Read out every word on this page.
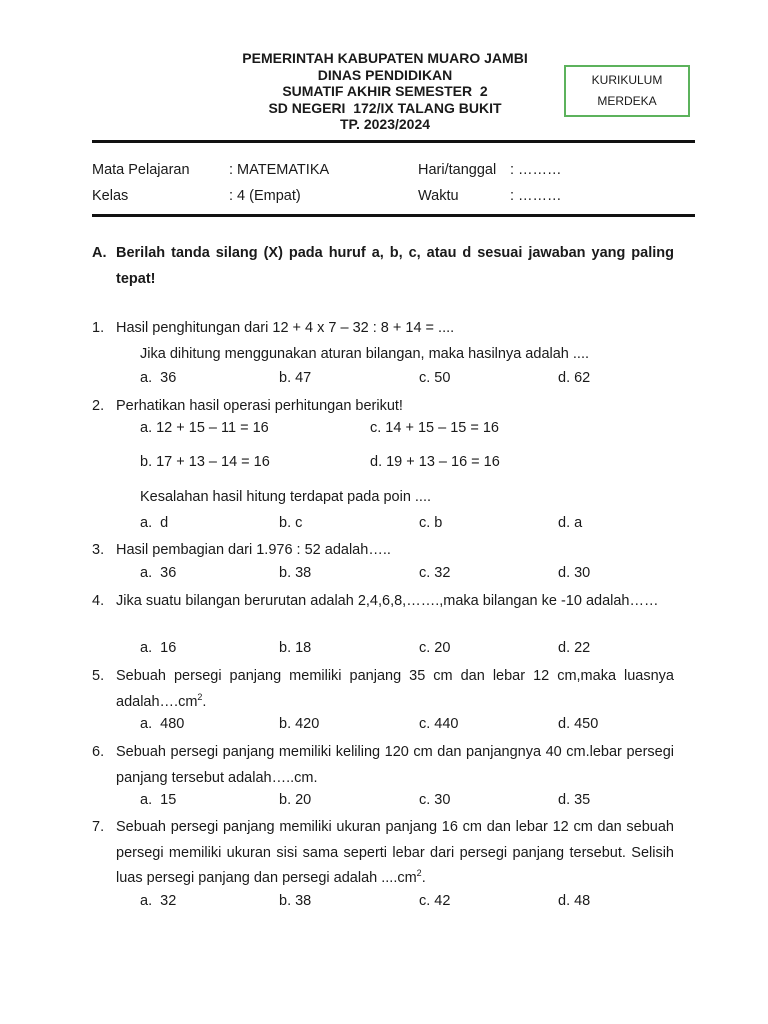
PEMERINTAH KABUPATEN MUARO JAMBI
DINAS PENDIDIKAN
SUMATIF AKHIR SEMESTER  2
SD NEGERI  172/IX TALANG BUKIT
TP. 2023/2024
KURIKULUM
MERDEKA
Mata Pelajaran	: MATEMATIKA	Hari/tanggal : ………
Kelas	: 4 (Empat)	Waktu	: ………
A. Berilah tanda silang (X) pada huruf a, b, c, atau d sesuai jawaban yang paling tepat!
1. Hasil penghitungan dari 12 + 4 x 7 – 32 : 8 + 14 = ....
Jika dihitung menggunakan aturan bilangan, maka hasilnya adalah ....
a.  36	b. 47	c. 50	d. 62
2. Perhatikan hasil operasi perhitungan berikut!
a. 12 + 15 – 11 = 16	c. 14 + 15 – 15 = 16
b. 17 + 13 – 14 = 16	d. 19 + 13 – 16 = 16
Kesalahan hasil hitung terdapat pada poin ....
a.  d	b. c	c. b	d. a
3. Hasil pembagian dari 1.976 : 52 adalah…..
a.  36	b. 38	c. 32	d. 30
4. Jika suatu bilangan berurutan adalah 2,4,6,8,…….,maka bilangan ke -10 adalah……
a.  16	b. 18	c. 20	d. 22
5. Sebuah persegi panjang memiliki panjang 35 cm dan lebar 12 cm,maka luasnya $adalah\dots.cm^2$.
a.  480	b. 420	c. 440	d. 450
6. Sebuah persegi panjang memiliki keliling 120 cm dan panjangnya 40 cm.lebar persegi panjang tersebut adalah…..cm.
a.  15	b. 20	c. 30	d. 35
7. Sebuah persegi panjang memiliki ukuran panjang 16 cm dan lebar 12 cm dan sebuah persegi memiliki ukuran sisi sama seperti lebar dari persegi panjang tersebut. Selisih luas persegi panjang dan persegi adalah $....cm^2$.
a.  32	b. 38	c. 42	d. 48
